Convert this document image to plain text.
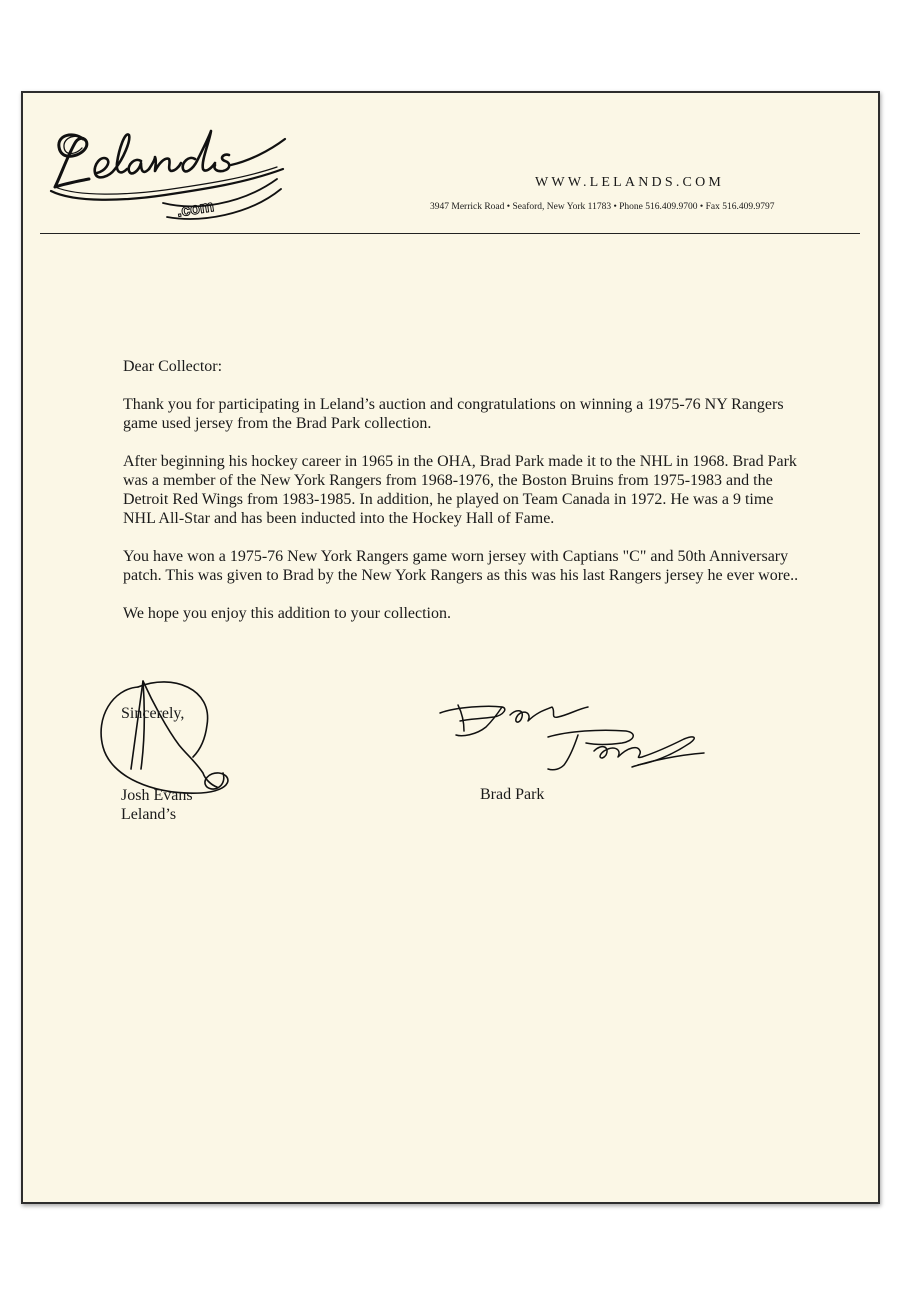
.com
WWW.LELANDS.COM
3947 Merrick Road • Seaford, New York 11783 • Phone 516.409.9700 • Fax 516.409.9797

Dear Collector:

Thank you for participating in Leland’s auction and congratulations on winning a 1975-76 NY Rangers game used jersey from the Brad Park collection.

After beginning his hockey career in 1965 in the OHA, Brad Park made it to the NHL in 1968. Brad Park was a member of the New York Rangers from 1968-1976, the Boston Bruins from 1975-1983 and the Detroit Red Wings from 1983-1985. In addition, he played on Team Canada in 1972. He was a 9 time NHL All-Star and has been inducted into the Hockey Hall of Fame.

You have won a 1975-76 New York Rangers game worn jersey with Captians "C" and 50th Anniversary patch. This was given to Brad by the New York Rangers as this was his last Rangers jersey he ever wore..

We hope you enjoy this addition to your collection.

Sincerely,
Josh Evans
Leland’s
Brad Park
